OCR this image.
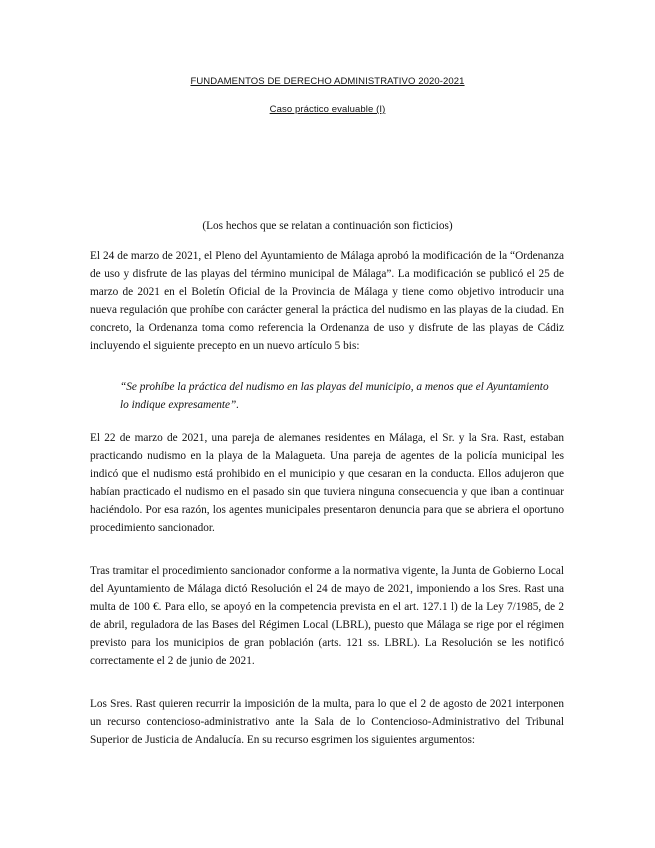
FUNDAMENTOS DE DERECHO ADMINISTRATIVO 2020-2021
Caso práctico evaluable (I)
(Los hechos que se relatan a continuación son ficticios)

El 24 de marzo de 2021, el Pleno del Ayuntamiento de Málaga aprobó la modificación de la “Ordenanza de uso y disfrute de las playas del término municipal de Málaga”. La modificación se publicó el 25 de marzo de 2021 en el Boletín Oficial de la Provincia de Málaga y tiene como objetivo introducir una nueva regulación que prohíbe con carácter general la práctica del nudismo en las playas de la ciudad. En concreto, la Ordenanza toma como referencia la Ordenanza de uso y disfrute de las playas de Cádiz incluyendo el siguiente precepto en un nuevo artículo 5 bis:

“Se prohíbe la práctica del nudismo en las playas del municipio, a menos que el Ayuntamiento lo indique expresamente”.

El 22 de marzo de 2021, una pareja de alemanes residentes en Málaga, el Sr. y la Sra. Rast, estaban practicando nudismo en la playa de la Malagueta. Una pareja de agentes de la policía municipal les indicó que el nudismo está prohibido en el municipio y que cesaran en la conducta. Ellos adujeron que habían practicado el nudismo en el pasado sin que tuviera ninguna consecuencia y que iban a continuar haciéndolo. Por esa razón, los agentes municipales presentaron denuncia para que se abriera el oportuno procedimiento sancionador.

Tras tramitar el procedimiento sancionador conforme a la normativa vigente, la Junta de Gobierno Local del Ayuntamiento de Málaga dictó Resolución el 24 de mayo de 2021, imponiendo a los Sres. Rast una multa de 100 €. Para ello, se apoyó en la competencia prevista en el art. 127.1 l) de la Ley 7/1985, de 2 de abril, reguladora de las Bases del Régimen Local (LBRL), puesto que Málaga se rige por el régimen previsto para los municipios de gran población (arts. 121 ss. LBRL). La Resolución se les notificó correctamente el 2 de junio de 2021.

Los Sres. Rast quieren recurrir la imposición de la multa, para lo que el 2 de agosto de 2021 interponen un recurso contencioso-administrativo ante la Sala de lo Contencioso-Administrativo del Tribunal Superior de Justicia de Andalucía. En su recurso esgrimen los siguientes argumentos:
